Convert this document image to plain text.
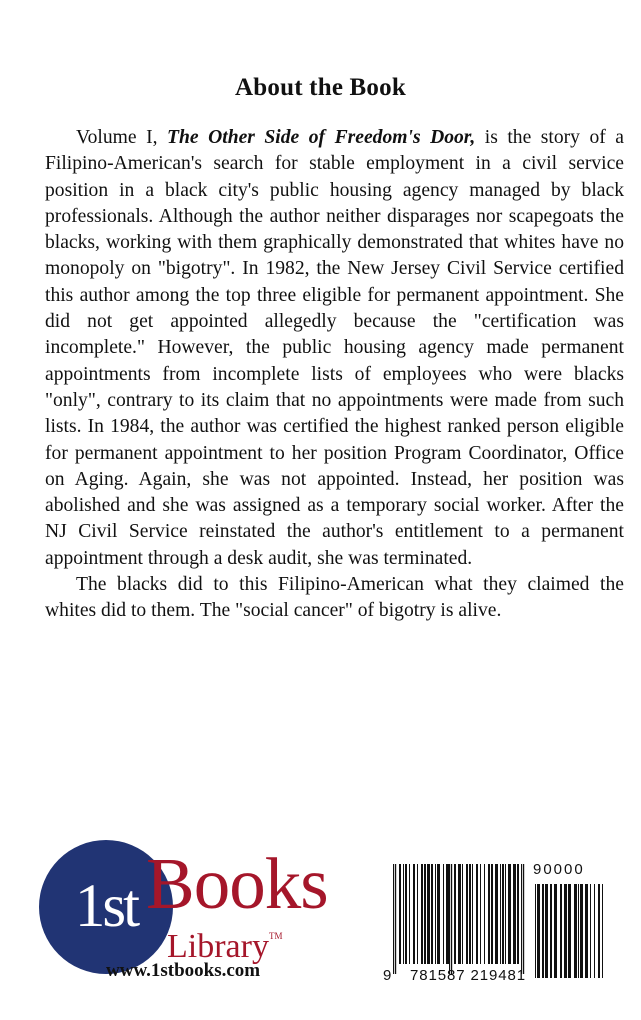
About the Book

Volume I, The Other Side of Freedom's Door, is the story of a Filipino-American's search for stable employment in a civil service position in a black city's public housing agency managed by black professionals. Although the author neither disparages nor scapegoats the blacks, working with them graphically demonstrated that whites have no monopoly on "bigotry". In 1982, the New Jersey Civil Service certified this author among the top three eligible for permanent appointment. She did not get appointed allegedly because the "certification was incomplete." However, the public housing agency made permanent appointments from incomplete lists of employees who were blacks "only", contrary to its claim that no appointments were made from such lists. In 1984, the author was certified the highest ranked person eligible for permanent appointment to her position Program Coordinator, Office on Aging. Again, she was not appointed. Instead, her position was abolished and she was assigned as a temporary social worker. After the NJ Civil Service reinstated the author's entitlement to a permanent appointment through a desk audit, she was terminated.

The blacks did to this Filipino-American what they claimed the whites did to them. The "social cancer" of bigotry is alive.

1st Books
Library™
www.1stbooks.com
90000
9 781587 219481
